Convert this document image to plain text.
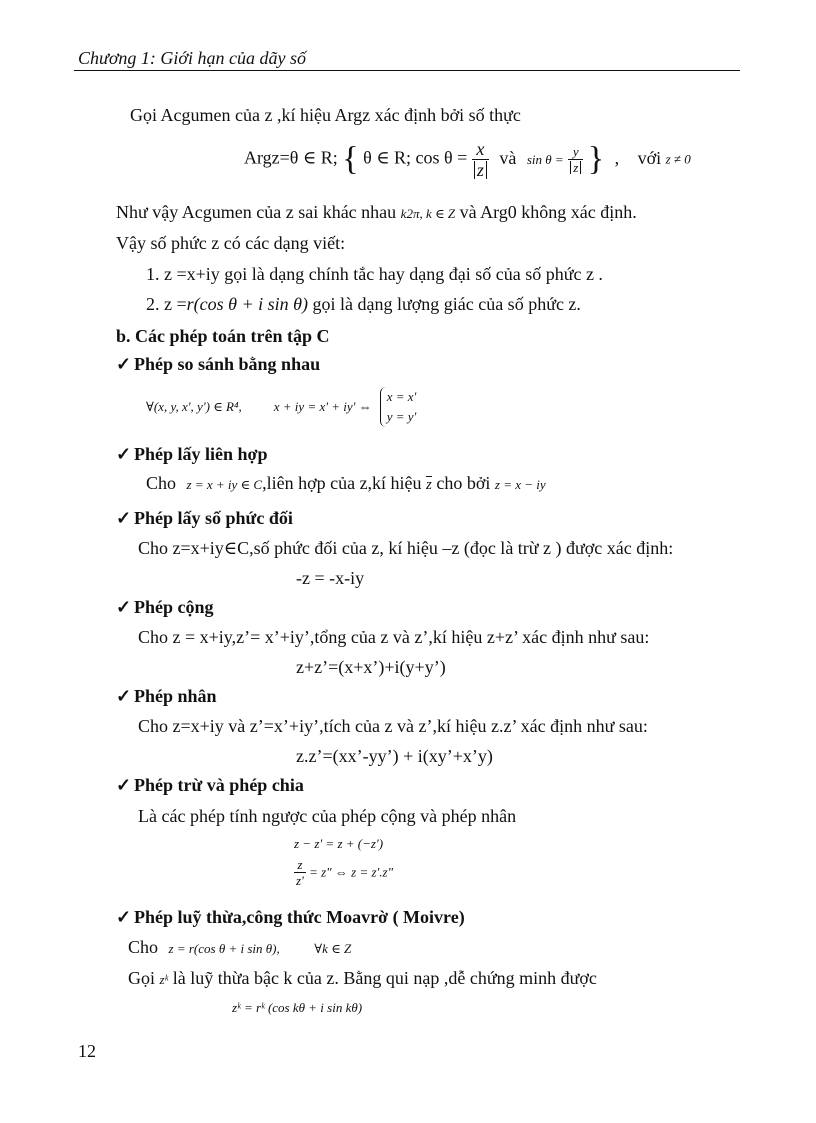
Chương 1: Giới hạn của dãy số
Gọi Acgumen của z ,kí hiệu Argz xác định bởi số thực
Argz=θ ∈ R; { θ ∈ R; $\cos \theta = \frac{x}{z}$ và $\sin \theta = \frac{y}{z}$ } , với z ≠ 0
Như vậy Acgumen của z sai khác nhau k2π, k ∈ Z và Arg0 không xác định.
Vậy số phức z có các dạng viết:
1. z =x+iy gọi là dạng chính tắc hay dạng đại số của số phức z .
2. z =r(cos θ + i sin θ) gọi là dạng lượng giác của số phức z.
b. Các phép toán trên tập C
✓ Phép so sánh bằng nhau
∀(x, y, x', y') ∈ R⁴, x + iy = x' + iy' ⇔
x = x'
y = y'
✓ Phép lấy liên hợp
Cho z = x + iy ∈ C,liên hợp của z,kí hiệu $\overline{z}$ cho bởi z = x − iy
✓ Phép lấy số phức đối
Cho z=x+iy∈C,số phức đối của z, kí hiệu –z (đọc là trừ z ) được xác định:
-z = -x-iy
✓ Phép cộng
Cho z = x+iy,z’= x’+iy’,tổng của z và z’,kí hiệu z+z’ xác định như sau:
z+z’=(x+x’)+i(y+y’)
✓ Phép nhân
Cho z=x+iy và z’=x’+iy’,tích của z và z’,kí hiệu z.z’ xác định như sau:
z.z’=(xx’-yy’) + i(xy’+x’y)
✓ Phép trừ và phép chia
Là các phép tính ngược của phép cộng và phép nhân
z − z' = z + (−z')
$\frac{z}{z'} = z$" ⇔ z = z'.z"
✓ Phép luỹ thừa,công thức Moavrờ ( Moivre)
Cho z = r(cos θ + i sin θ),	∀k ∈ Z
Gọi zᵏ là luỹ thừa bậc k của z. Bằng qui nạp ,dễ chứng minh được
zᵏ = rᵏ (cos kθ + i sin kθ)
12
